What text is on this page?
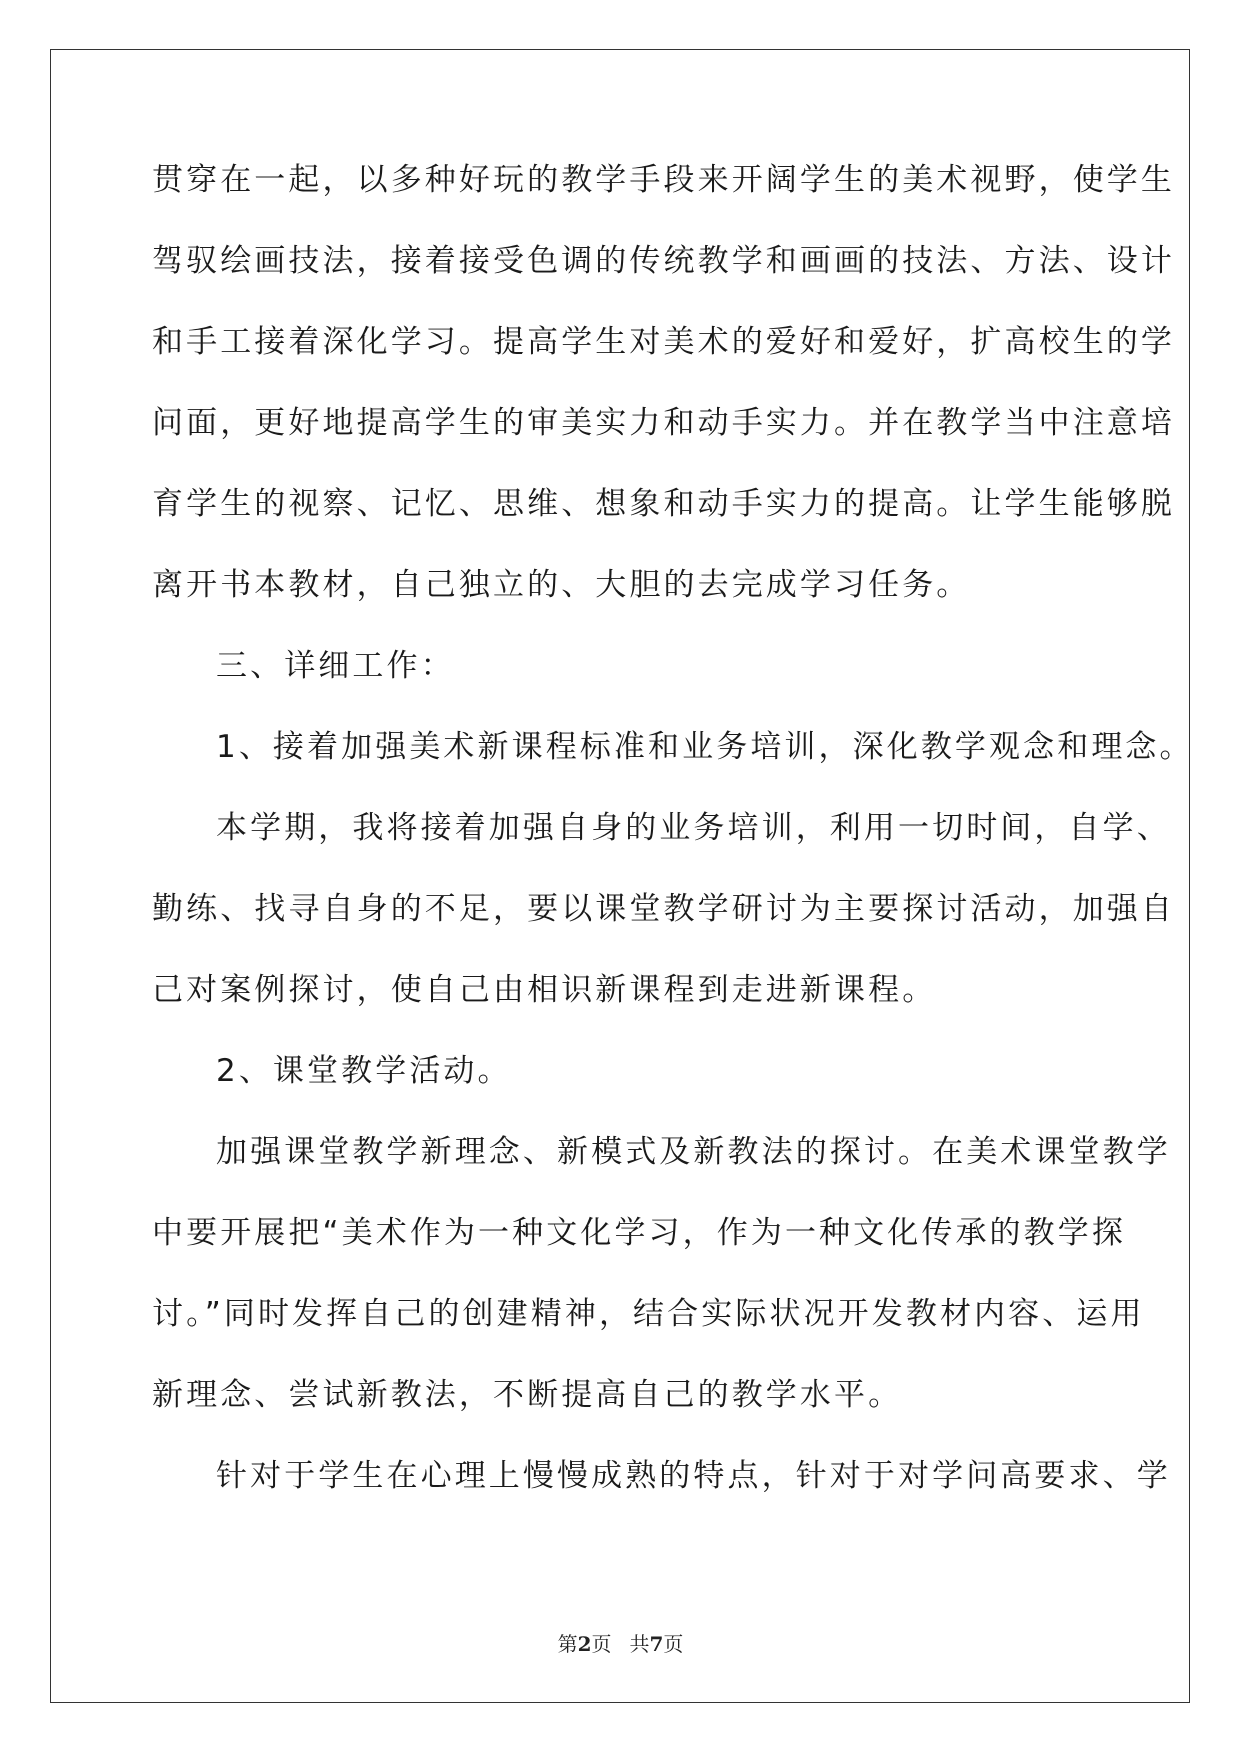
贯穿在一起，以多种好玩的教学手段来开阔学生的美术视野，使学生
驾驭绘画技法，接着接受色调的传统教学和画画的技法、方法、设计
和手工接着深化学习。提高学生对美术的爱好和爱好，扩高校生的学
问面，更好地提高学生的审美实力和动手实力。并在教学当中注意培
育学生的视察、记忆、思维、想象和动手实力的提高。让学生能够脱
离开书本教材，自己独立的、大胆的去完成学习任务。
三、详细工作：
1、接着加强美术新课程标准和业务培训，深化教学观念和理念。
本学期，我将接着加强自身的业务培训，利用一切时间，自学、
勤练、找寻自身的不足，要以课堂教学研讨为主要探讨活动，加强自
己对案例探讨，使自己由相识新课程到走进新课程。
2、课堂教学活动。
加强课堂教学新理念、新模式及新教法的探讨。在美术课堂教学
中要开展把“美术作为一种文化学习，作为一种文化传承的教学探
讨。”同时发挥自己的创建精神，结合实际状况开发教材内容、运用
新理念、尝试新教法，不断提高自己的教学水平。
针对于学生在心理上慢慢成熟的特点，针对于对学问高要求、学
第2页 共7页
